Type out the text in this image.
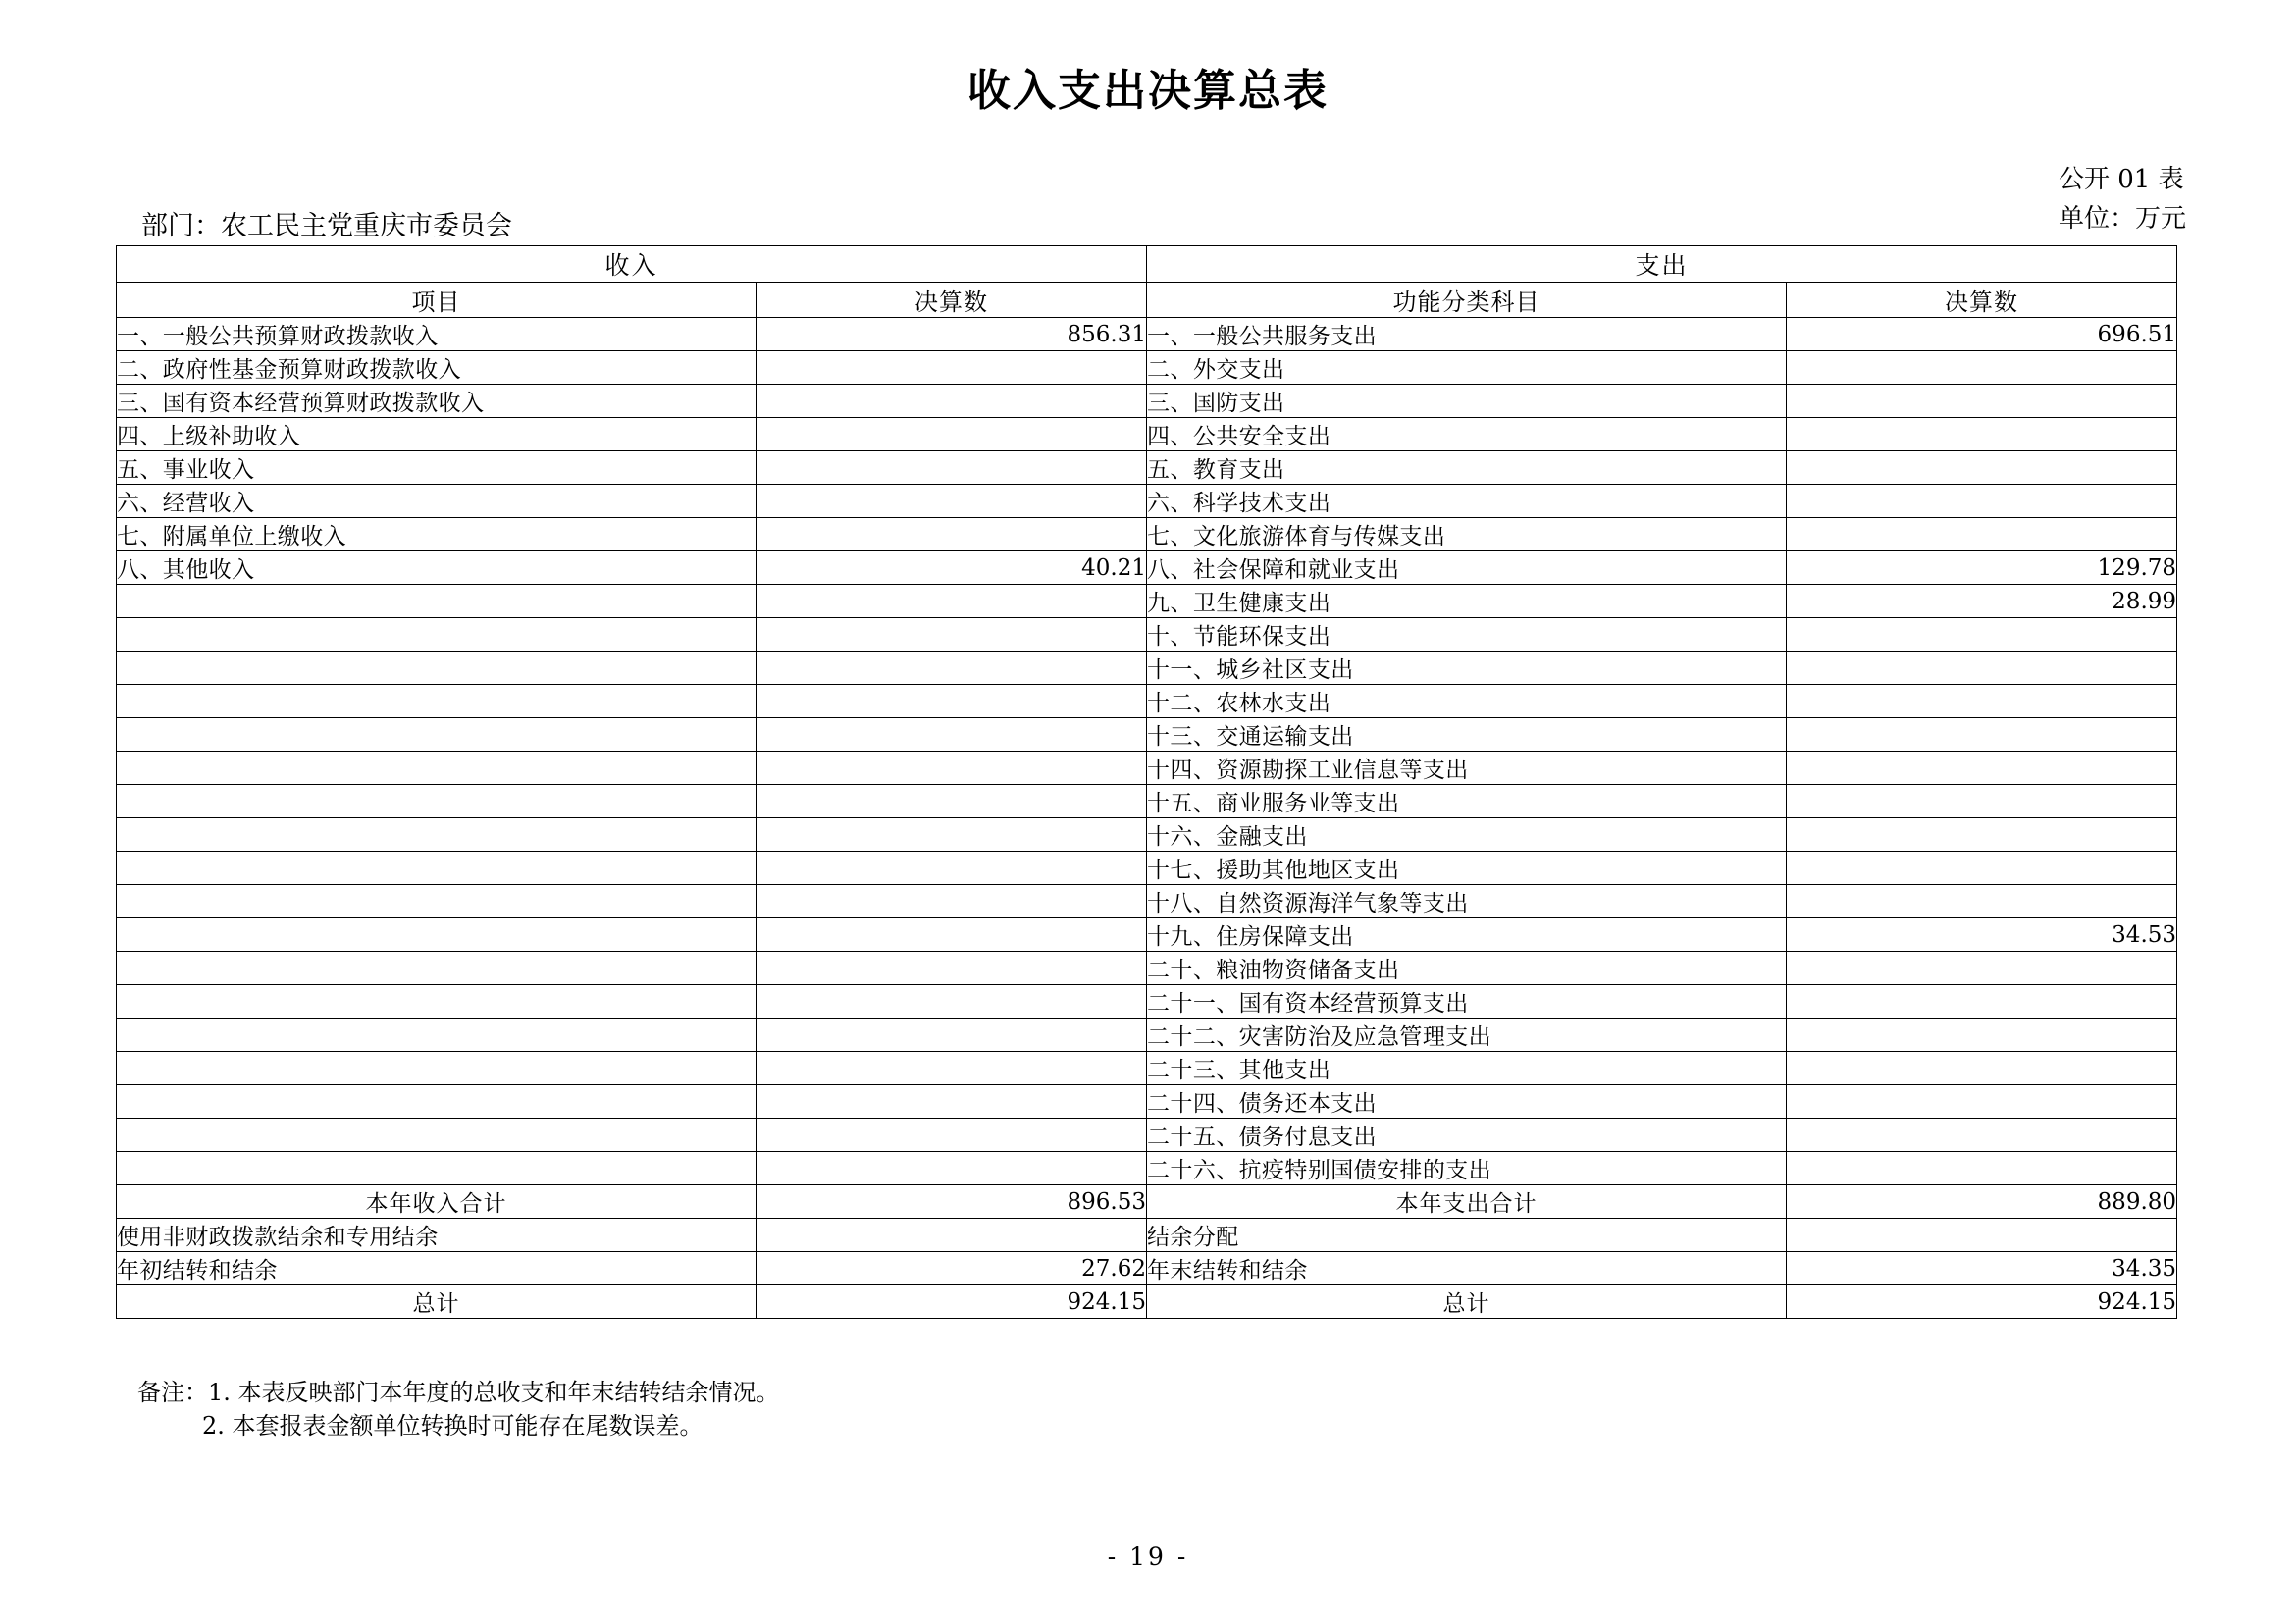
收入支出决算总表
公开 01 表
单位：万元
部门：农工民主党重庆市委员会
收入		支出	
项目	决算数	功能分类科目	决算数
一、一般公共预算财政拨款收入	856.31	一、一般公共服务支出	696.51
二、政府性基金预算财政拨款收入		二、外交支出	
三、国有资本经营预算财政拨款收入		三、国防支出	
四、上级补助收入		四、公共安全支出	
五、事业收入		五、教育支出	
六、经营收入		六、科学技术支出	
七、附属单位上缴收入		七、文化旅游体育与传媒支出	
八、其他收入	40.21	八、社会保障和就业支出	129.78
		九、卫生健康支出	28.99
		十、节能环保支出	
		十一、城乡社区支出	
		十二、农林水支出	
		十三、交通运输支出	
		十四、资源勘探工业信息等支出	
		十五、商业服务业等支出	
		十六、金融支出	
		十七、援助其他地区支出	
		十八、自然资源海洋气象等支出	
		十九、住房保障支出	34.53
		二十、粮油物资储备支出	
		二十一、国有资本经营预算支出	
		二十二、灾害防治及应急管理支出	
		二十三、其他支出	
		二十四、债务还本支出	
		二十五、债务付息支出	
		二十六、抗疫特别国债安排的支出	
本年收入合计	896.53	本年支出合计	889.80
使用非财政拨款结余和专用结余		结余分配	
年初结转和结余	27.62	年末结转和结余	34.35
总计	924.15	总计	924.15
备注：1. 本表反映部门本年度的总收支和年末结转结余情况。
2. 本套报表金额单位转换时可能存在尾数误差。
- 19 -
